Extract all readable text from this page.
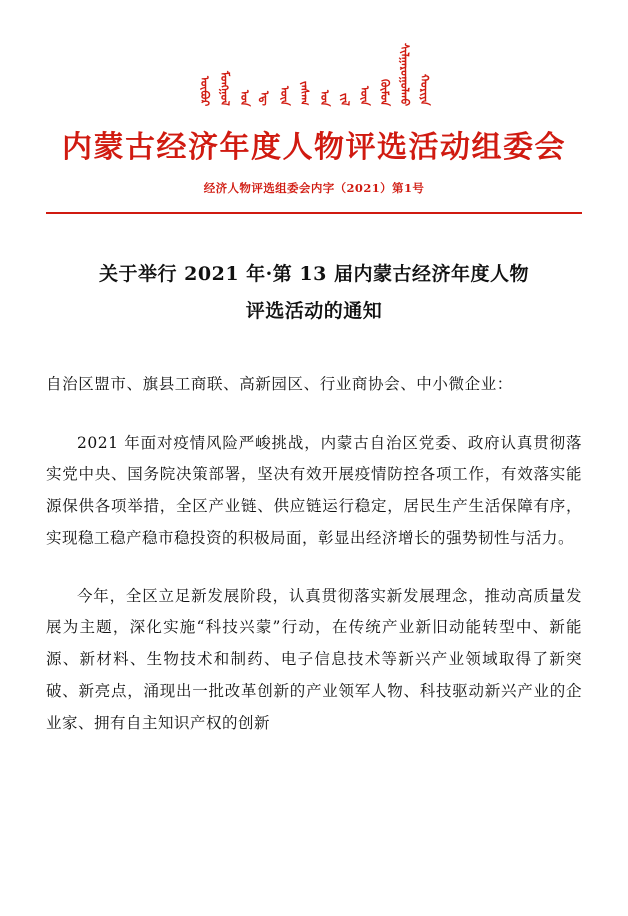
ᠥᠪᠦᠷ ᠮᠣᠩᠭᠣᠯ ᠤᠨ ᠡᠳ᠋ ᠥᠨ ᠵᠠᠰᠠᠭ ᠤᠨ ᠵᠢᠯ ᠦᠨ ᠬᠦᠮᠦᠨ ᠰᠢᠯᠭᠠᠷᠤᠭᠤᠯᠬᠤ ᠬᠣᠷᠢᠶᠠ
内蒙古经济年度人物评选活动组委会
经济人物评选组委会内字（2021）第1号
关于举行 2021 年·第 13 届内蒙古经济年度人物
评选活动的通知
自治区盟市、旗县工商联、高新园区、行业商协会、中小微企业：
2021 年面对疫情风险严峻挑战，内蒙古自治区党委、政府认真贯彻落实党中央、国务院决策部署，坚决有效开展疫情防控各项工作，有效落实能源保供各项举措，全区产业链、供应链运行稳定，居民生产生活保障有序，实现稳工稳产稳市稳投资的积极局面，彰显出经济增长的强势韧性与活力。
今年，全区立足新发展阶段，认真贯彻落实新发展理念，推动高质量发展为主题，深化实施“科技兴蒙”行动，在传统产业新旧动能转型中、新能源、新材料、生物技术和制药、电子信息技术等新兴产业领域取得了新突破、新亮点，涌现出一批改革创新的产业领军人物、科技驱动新兴产业的企业家、拥有自主知识产权的创新
